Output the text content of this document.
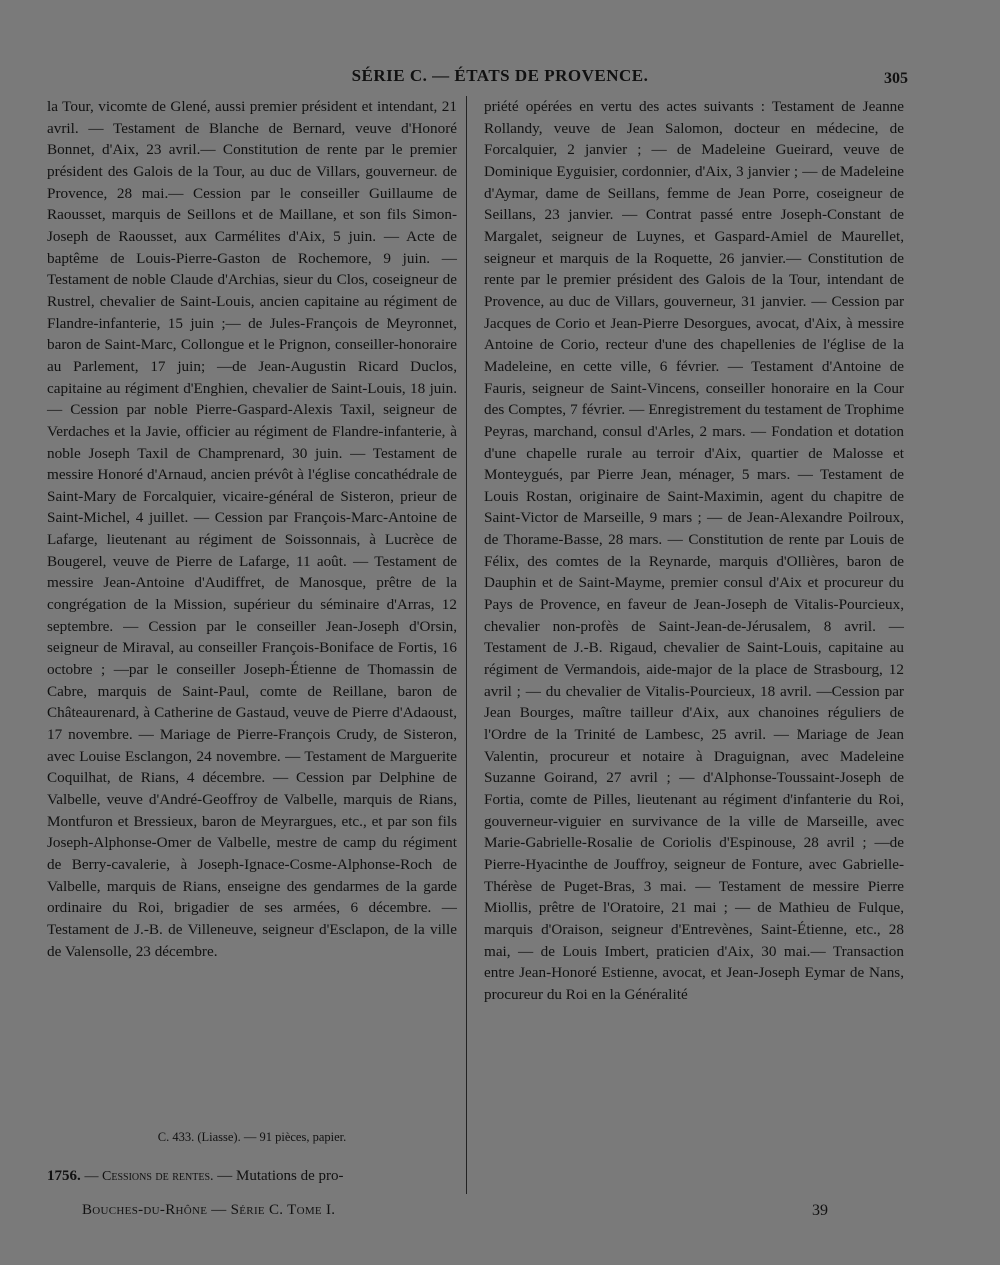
SÉRIE C. — ÉTATS DE PROVENCE.	305

la Tour, vicomte de Glené, aussi premier président et intendant, 21 avril. — Testament de Blanche de Bernard, veuve d'Honoré Bonnet, d'Aix, 23 avril.— Constitution de rente par le premier président des Galois de la Tour, au duc de Villars, gouverneur. de Provence, 28 mai.— Cession par le conseiller Guillaume de Raousset, marquis de Seillons et de Maillane, et son fils Simon-Joseph de Raousset, aux Carmélites d'Aix, 5 juin. — Acte de baptême de Louis-Pierre-Gaston de Rochemore, 9 juin. — Testament de noble Claude d'Archias, sieur du Clos, coseigneur de Rustrel, chevalier de Saint-Louis, ancien capitaine au régiment de Flandre-infanterie, 15 juin ;— de Jules-François de Meyronnet, baron de Saint-Marc, Collongue et le Prignon, conseiller-honoraire au Parlement, 17 juin; —de Jean-Augustin Ricard Duclos, capitaine au régiment d'Enghien, chevalier de Saint-Louis, 18 juin. — Cession par noble Pierre-Gaspard-Alexis Taxil, seigneur de Verdaches et la Javie, officier au régiment de Flandre-infanterie, à noble Joseph Taxil de Champrenard, 30 juin. — Testament de messire Honoré d'Arnaud, ancien prévôt à l'église concathédrale de Saint-Mary de Forcalquier, vicaire-général de Sisteron, prieur de Saint-Michel, 4 juillet. — Cession par François-Marc-Antoine de Lafarge, lieutenant au régiment de Soissonnais, à Lucrèce de Bougerel, veuve de Pierre de Lafarge, 11 août. — Testament de messire Jean-Antoine d'Audiffret, de Manosque, prêtre de la congrégation de la Mission, supérieur du séminaire d'Arras, 12 septembre. — Cession par le conseiller Jean-Joseph d'Orsin, seigneur de Miraval, au conseiller François-Boniface de Fortis, 16 octobre ; —par le conseiller Joseph-Étienne de Thomassin de Cabre, marquis de Saint-Paul, comte de Reillane, baron de Châteaurenard, à Catherine de Gastaud, veuve de Pierre d'Adaoust, 17 novembre. — Mariage de Pierre-François Crudy, de Sisteron, avec Louise Esclangon, 24 novembre. — Testament de Marguerite Coquilhat, de Rians, 4 décembre. — Cession par Delphine de Valbelle, veuve d'André-Geoffroy de Valbelle, marquis de Rians, Montfuron et Bressieux, baron de Meyrargues, etc., et par son fils Joseph-Alphonse-Omer de Valbelle, mestre de camp du régiment de Berry-cavalerie, à Joseph-Ignace-Cosme-Alphonse-Roch de Valbelle, marquis de Rians, enseigne des gendarmes de la garde ordinaire du Roi, brigadier de ses armées, 6 décembre. — Testament de J.-B. de Villeneuve, seigneur d'Esclapon, de la ville de Valensolle, 23 décembre.

C. 433. (Liasse). — 91 pièces, papier.
1756. — Cessions de rentes. — Mutations de pro-

priété opérées en vertu des actes suivants : Testament de Jeanne Rollandy, veuve de Jean Salomon, docteur en médecine, de Forcalquier, 2 janvier ; — de Madeleine Gueirard, veuve de Dominique Eyguisier, cordonnier, d'Aix, 3 janvier ; — de Madeleine d'Aymar, dame de Seillans, femme de Jean Porre, coseigneur de Seillans, 23 janvier. — Contrat passé entre Joseph-Constant de Margalet, seigneur de Luynes, et Gaspard-Amiel de Maurellet, seigneur et marquis de la Roquette, 26 janvier.— Constitution de rente par le premier président des Galois de la Tour, intendant de Provence, au duc de Villars, gouverneur, 31 janvier. — Cession par Jacques de Corio et Jean-Pierre Desorgues, avocat, d'Aix, à messire Antoine de Corio, recteur d'une des chapellenies de l'église de la Madeleine, en cette ville, 6 février. — Testament d'Antoine de Fauris, seigneur de Saint-Vincens, conseiller honoraire en la Cour des Comptes, 7 février. — Enregistrement du testament de Trophime Peyras, marchand, consul d'Arles, 2 mars. — Fondation et dotation d'une chapelle rurale au terroir d'Aix, quartier de Malosse et Monteygués, par Pierre Jean, ménager, 5 mars. — Testament de Louis Rostan, originaire de Saint-Maximin, agent du chapitre de Saint-Victor de Marseille, 9 mars ; — de Jean-Alexandre Poilroux, de Thorame-Basse, 28 mars. — Constitution de rente par Louis de Félix, des comtes de la Reynarde, marquis d'Ollières, baron de Dauphin et de Saint-Mayme, premier consul d'Aix et procureur du Pays de Provence, en faveur de Jean-Joseph de Vitalis-Pourcieux, chevalier non-profès de Saint-Jean-de-Jérusalem, 8 avril. — Testament de J.-B. Rigaud, chevalier de Saint-Louis, capitaine au régiment de Vermandois, aide-major de la place de Strasbourg, 12 avril ; — du chevalier de Vitalis-Pourcieux, 18 avril. —Cession par Jean Bourges, maître tailleur d'Aix, aux chanoines réguliers de l'Ordre de la Trinité de Lambesc, 25 avril. — Mariage de Jean Valentin, procureur et notaire à Draguignan, avec Madeleine Suzanne Goirand, 27 avril ; — d'Alphonse-Toussaint-Joseph de Fortia, comte de Pilles, lieutenant au régiment d'infanterie du Roi, gouverneur-viguier en survivance de la ville de Marseille, avec Marie-Gabrielle-Rosalie de Coriolis d'Espinouse, 28 avril ; —de Pierre-Hyacinthe de Jouffroy, seigneur de Fonture, avec Gabrielle-Thérèse de Puget-Bras, 3 mai. — Testament de messire Pierre Miollis, prêtre de l'Oratoire, 21 mai ; — de Mathieu de Fulque, marquis d'Oraison, seigneur d'Entrevènes, Saint-Étienne, etc., 28 mai, — de Louis Imbert, praticien d'Aix, 30 mai.— Transaction entre Jean-Honoré Estienne, avocat, et Jean-Joseph Eymar de Nans, procureur du Roi en la Généralité

Bouches-du-Rhône — Série C. Tome I.	39
